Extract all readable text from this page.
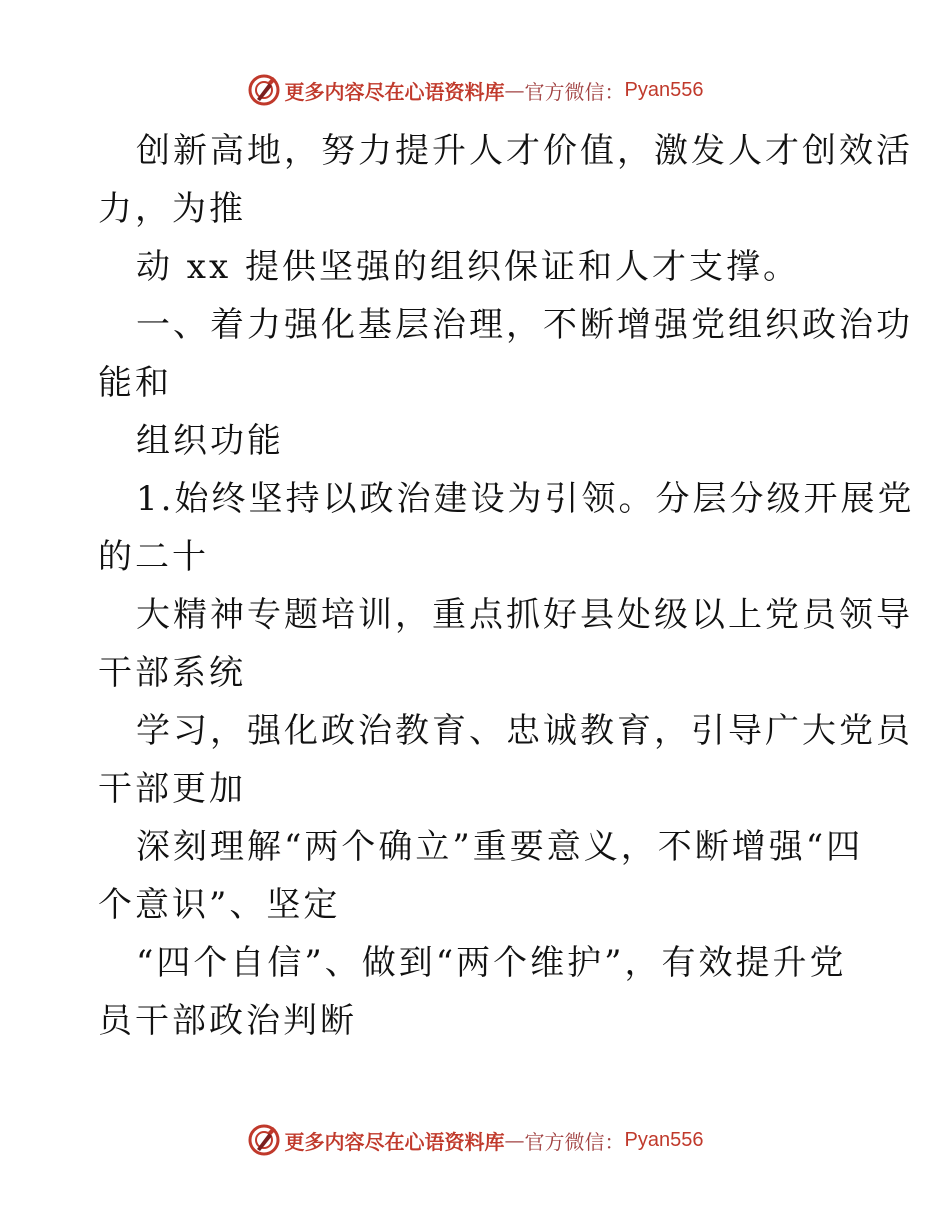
更多内容尽在心语资料库 — 官方微信： Pyan556
创新高地，努力提升人才价值，激发人才创效活
力，为推
动 xx 提供坚强的组织保证和人才支撑。
一、着力强化基层治理，不断增强党组织政治功
能和
组织功能
1.始终坚持以政治建设为引领。分层分级开展党
的二十
大精神专题培训，重点抓好县处级以上党员领导
干部系统
学习，强化政治教育、忠诚教育，引导广大党员
干部更加
深刻理解“两个确立”重要意义，不断增强“四
个意识”、坚定
“四个自信”、做到“两个维护”，有效提升党
员干部政治判断
更多内容尽在心语资料库 — 官方微信： Pyan556
